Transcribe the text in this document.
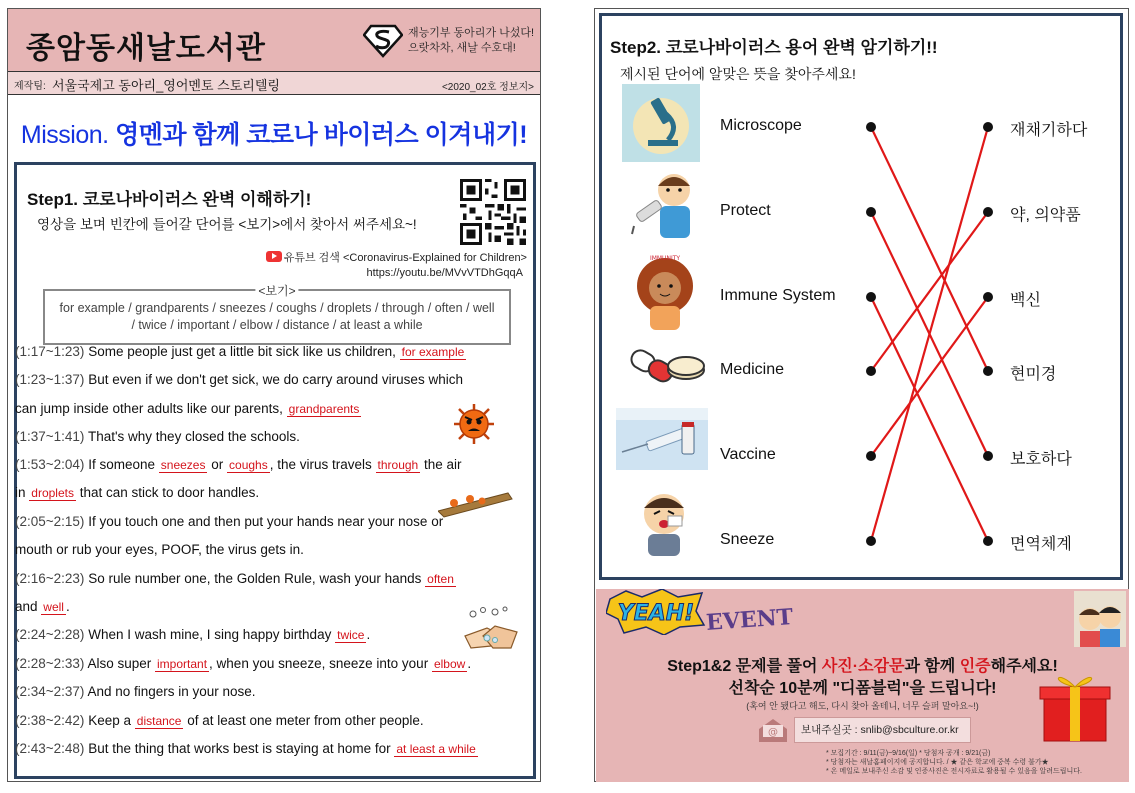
종암동새날도서관	재능기부 동아리가 나섰다!
으랏차차, 새날 수호대!
제작팀: 서울국제고 동아리_영어멘토 스토리텔링	<2020_02호 정보지>
Mission. 영멘과 함께 코로나 바이러스 이겨내기!
Step1. 코로나바이러스 완벽 이해하기!
영상을 보며 빈칸에 들어갈 단어를 <보기>에서 찾아서 써주세요~!
유튜브 검색 <Coronavirus-Explained for Children>
https://youtu.be/MVvVTDhGqqA
<보기>
for example / grandparents / sneezes / coughs / droplets / through / often / well / twice / important / elbow / distance / at least a while
(1:17~1:23) Some people just get a little bit sick like us children, for example
(1:23~1:37) But even if we don't get sick, we do carry around viruses which
can jump inside other adults like our parents, grandparents
(1:37~1:41) That's why they closed the schools.
(1:53~2:04) If someone sneezes or coughs , the virus travels through the air
in droplets that can stick to door handles.
(2:05~2:15) If you touch one and then put your hands near your nose or
mouth or rub your eyes, POOF, the virus gets in.
(2:16~2:23) So rule number one, the Golden Rule, wash your hands often
and well .
(2:24~2:28) When I wash mine, I sing happy birthday twice .
(2:28~2:33) Also super important , when you sneeze, sneeze into your elbow .
(2:34~2:37) And no fingers in your nose.
(2:38~2:42) Keep a distance of at least one meter from other people.
(2:43~2:48) But the thing that works best is staying at home for at least a while
Step2. 코로나바이러스 용어 완벽 암기하기!!
제시된 단어에 알맞은 뜻을 찾아주세요!
IMMUNITY
Microscope
Protect
Immune System
Medicine
Vaccine
Sneeze
재채기하다
약, 의약품
백신
현미경
보호하다
면역체계
YEAH! EVENT
Step1&2 문제를 풀어 사진·소감문과 함께 인증해주세요!
선착순 10분께 "디폼블럭"을 드립니다!
(혹여 안 됐다고 해도, 다시 찾아 올테니, 너무 슬퍼 말아요~!)
@	보내주실곳 : snlib@sbculture.or.kr
* 모집기간 : 9/11(금)~9/16(일) * 당첨자 공개 : 9/21(금)
* 당첨자는 새날홈페이지에 공지합니다. / ★ 같은 학교에 중복 수령 불가★
* 온 메일로 보내주신 소감 및 인증사진은 전시자료로 활용될 수 있음을 알려드립니다.
